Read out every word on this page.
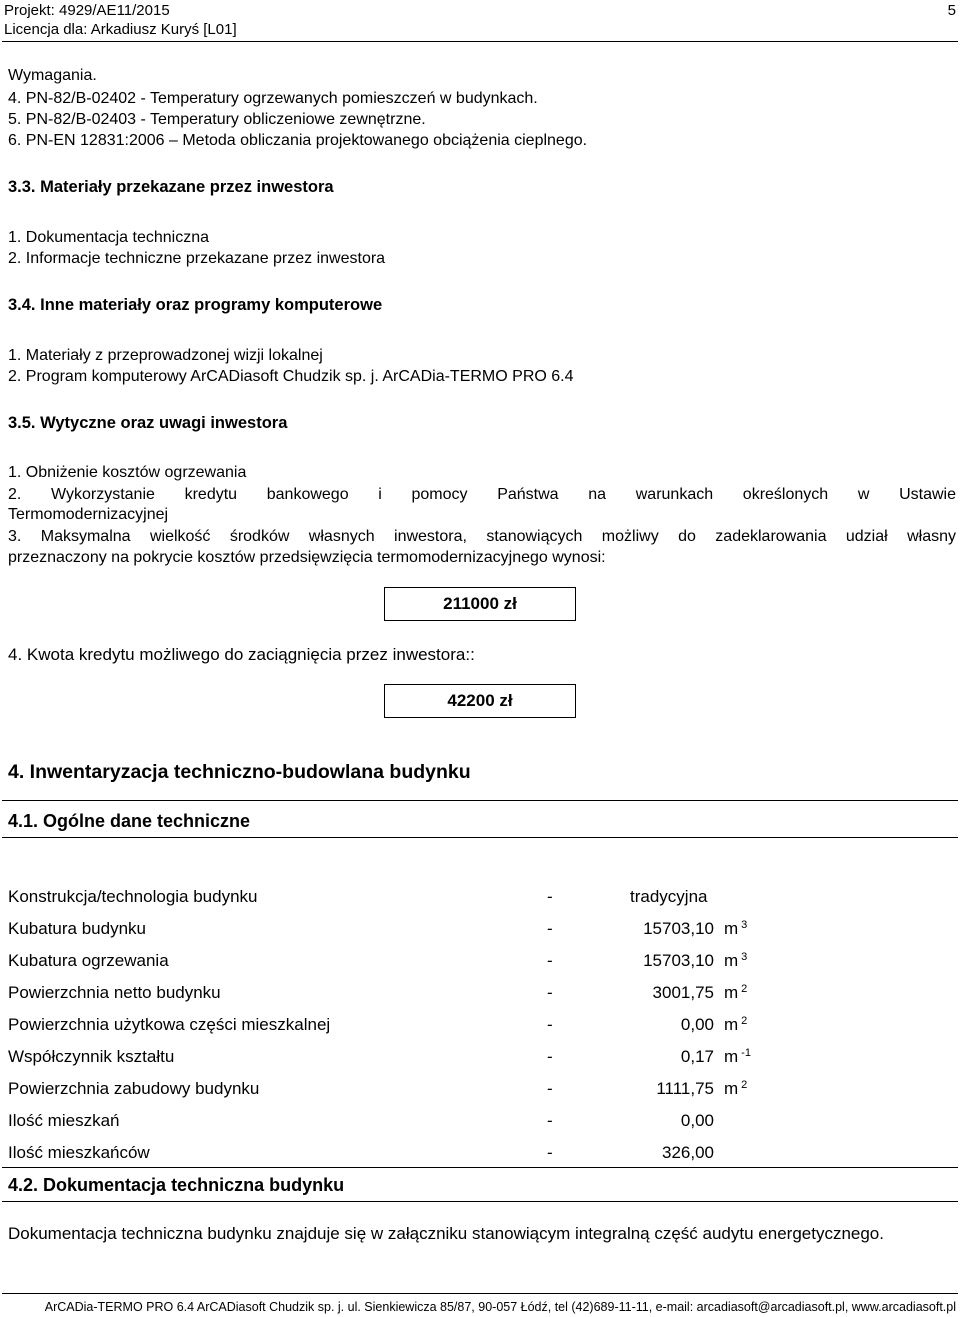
Projekt: 4929/AE11/2015
Licencja dla: Arkadiusz Kuryś [L01]
5
Wymagania.
4. PN-82/B-02402 - Temperatury ogrzewanych pomieszczeń w budynkach.
5. PN-82/B-02403 - Temperatury obliczeniowe zewnętrzne.
6. PN-EN 12831:2006 – Metoda obliczania projektowanego obciążenia cieplnego.
3.3. Materiały przekazane przez inwestora
1. Dokumentacja techniczna
2. Informacje techniczne przekazane przez inwestora
3.4. Inne materiały oraz programy komputerowe
1. Materiały z przeprowadzonej wizji lokalnej
2. Program komputerowy ArCADiasoft Chudzik sp. j. ArCADia-TERMO PRO 6.4
3.5. Wytyczne oraz uwagi inwestora
1. Obniżenie kosztów ogrzewania
2. Wykorzystanie kredytu bankowego i pomocy Państwa na warunkach określonych w Ustawie
Termomodernizacyjnej
3. Maksymalna wielkość środków własnych inwestora, stanowiących możliwy do zadeklarowania udział własny
przeznaczony na pokrycie kosztów przedsięwzięcia termomodernizacyjnego wynosi:
211000 zł
4. Kwota kredytu możliwego do zaciągnięcia przez inwestora::
42200 zł
4. Inwentaryzacja techniczno-budowlana budynku
4.1. Ogólne dane techniczne
Konstrukcja/technologia budynku	-	tradycyjna
Kubatura budynku	-	15703,10 m $^3$
Kubatura ogrzewania	-	15703,10 m $^3$
Powierzchnia netto budynku	-	3001,75 m $^2$
Powierzchnia użytkowa części mieszkalnej	-	0,00 m $^2$
Współczynnik kształtu	-	0,17 m $^{-1}$
Powierzchnia zabudowy budynku	-	1111,75 m $^2$
Ilość mieszkań	-	0,00
Ilość mieszkańców	-	326,00
4.2. Dokumentacja techniczna budynku
Dokumentacja techniczna budynku znajduje się w załączniku stanowiącym integralną część audytu energetycznego.
ArCADia-TERMO PRO 6.4 ArCADiasoft Chudzik sp. j. ul. Sienkiewicza 85/87, 90-057 Łódź, tel (42)689-11-11, e-mail: arcadiasoft@arcadiasoft.pl, www.arcadiasoft.pl
